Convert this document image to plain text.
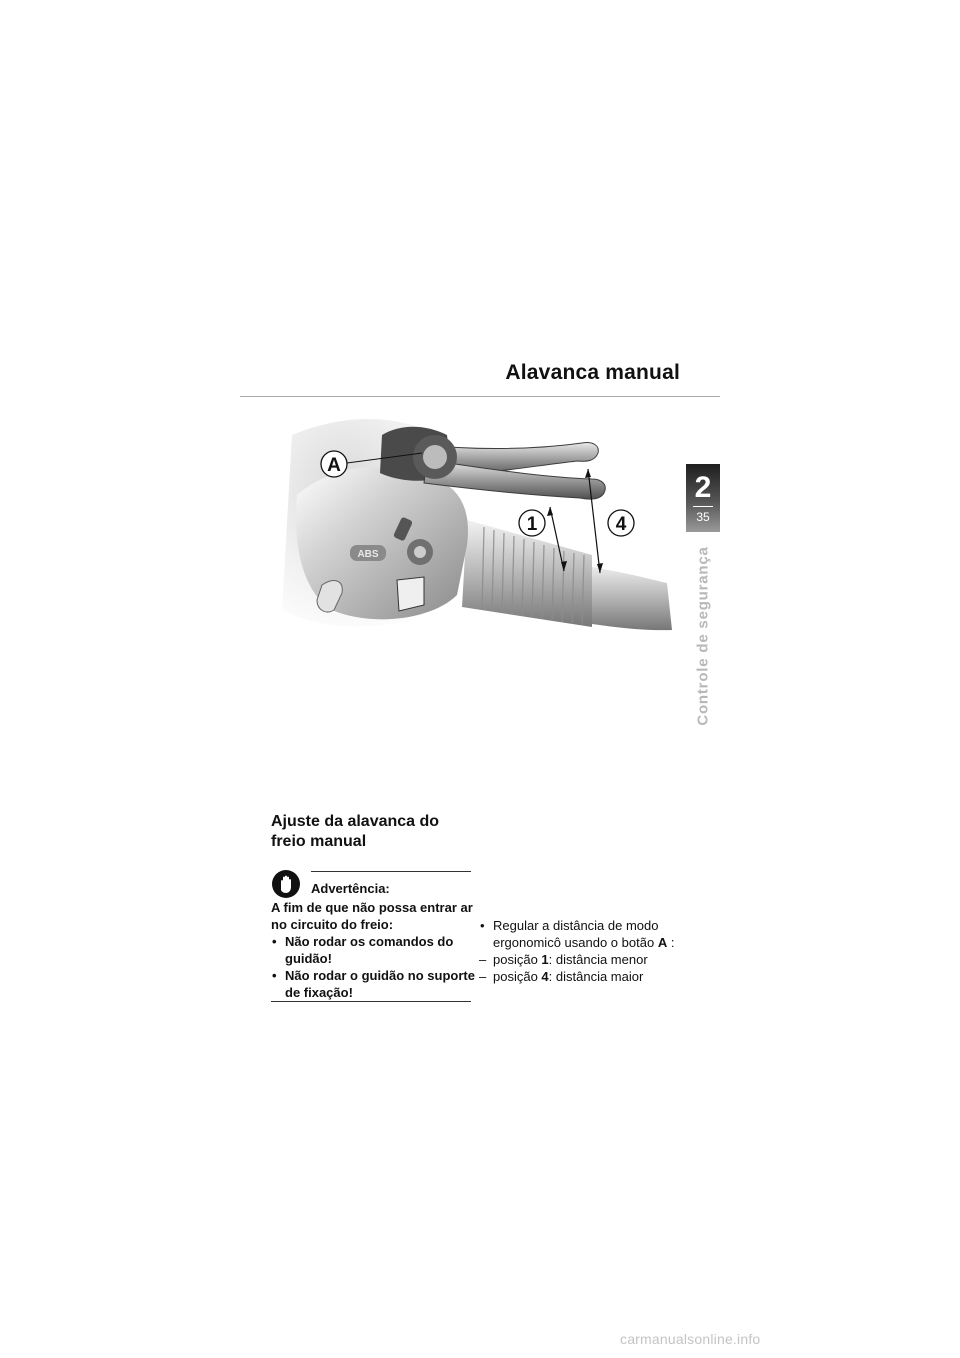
Alavanca manual
2
35
Controle de segurança
ABS
A
1	4
Ajuste da alavanca do freio manual
Advertência:

A fim de que não possa entrar ar no circuito do freio:

• Não rodar os comandos do guidão!

• Não rodar o guidão no suporte de fixação!

• Regular a distância de modo ergonomicô usando o botão A :

– posição 1: distância menor

– posição 4: distância maior

carmanualsonline.info
